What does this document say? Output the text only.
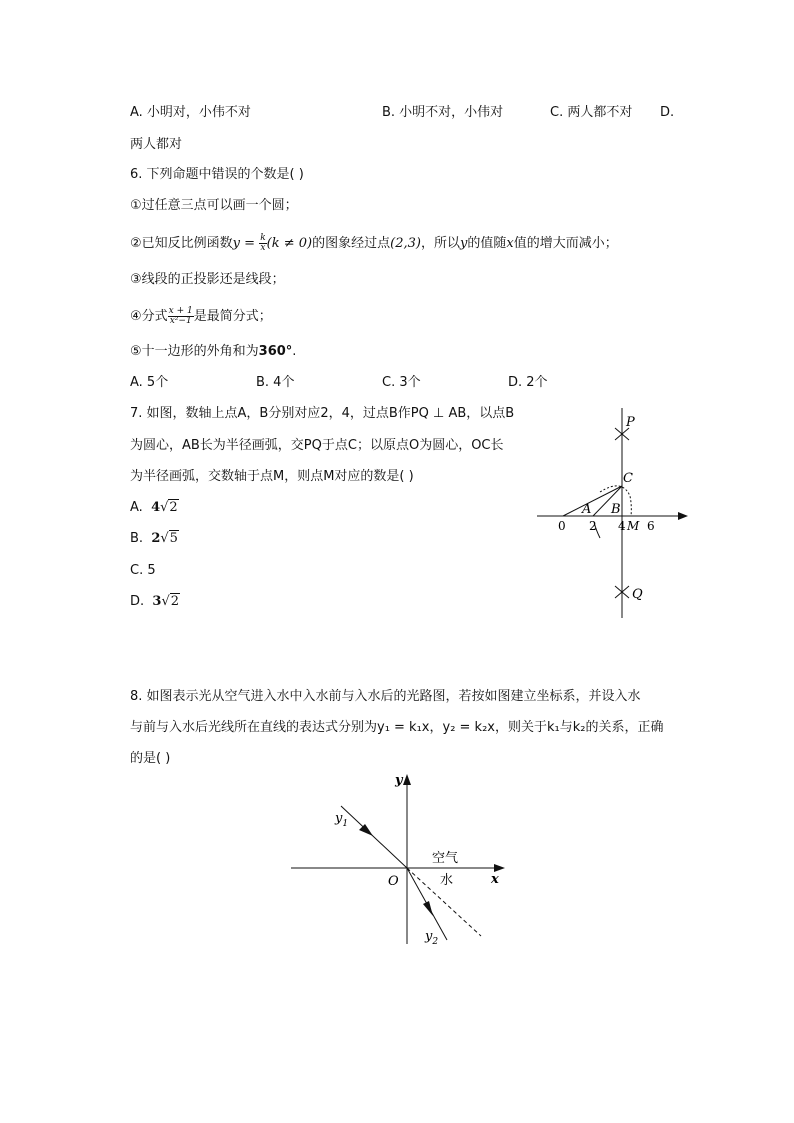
A. 小明对，小伟不对	B. 小明不对，小伟对	C. 两人都不对 D.
两人都对
6. 下列命题中错误的个数是( )
①过任意三点可以画一个圆；
②已知反比例函数$y = \frac{k}{x} (k \ne 0)$的图象经过点(2,3)，所以y的值随x值的增大而减小；
③线段的正投影还是线段；
④分式 $\frac{x + 1}{\text{x²−1}}$ 是最简分式；
⑤十一边形的外角和为360°.
A. 5个	B. 4个	C. 3个	D. 2个
7. 如图，数轴上点A，B分别对应2，4，过点B作PQ ⊥ AB，以点B
为圆心，AB长为半径画弧，交PQ于点C；以原点O为圆心，OC长
为半径画弧，交数轴于点M，则点M对应的数是( )
A. 4√2
B. 2√5
C. 5
D. 3√2
P
C
Q
A B
0 2 4 M 6
8. 如图表示光从空气进入水中入水前与入水后的光路图，若按如图建立坐标系，并设入水
与前与入水后光线所在直线的表达式分别为y₁ = k₁x，y₂ = k₂x，则关于k₁与k₂的关系，正确
的是( )
y
x
O
空气
水
$y_1$
$y_2$
